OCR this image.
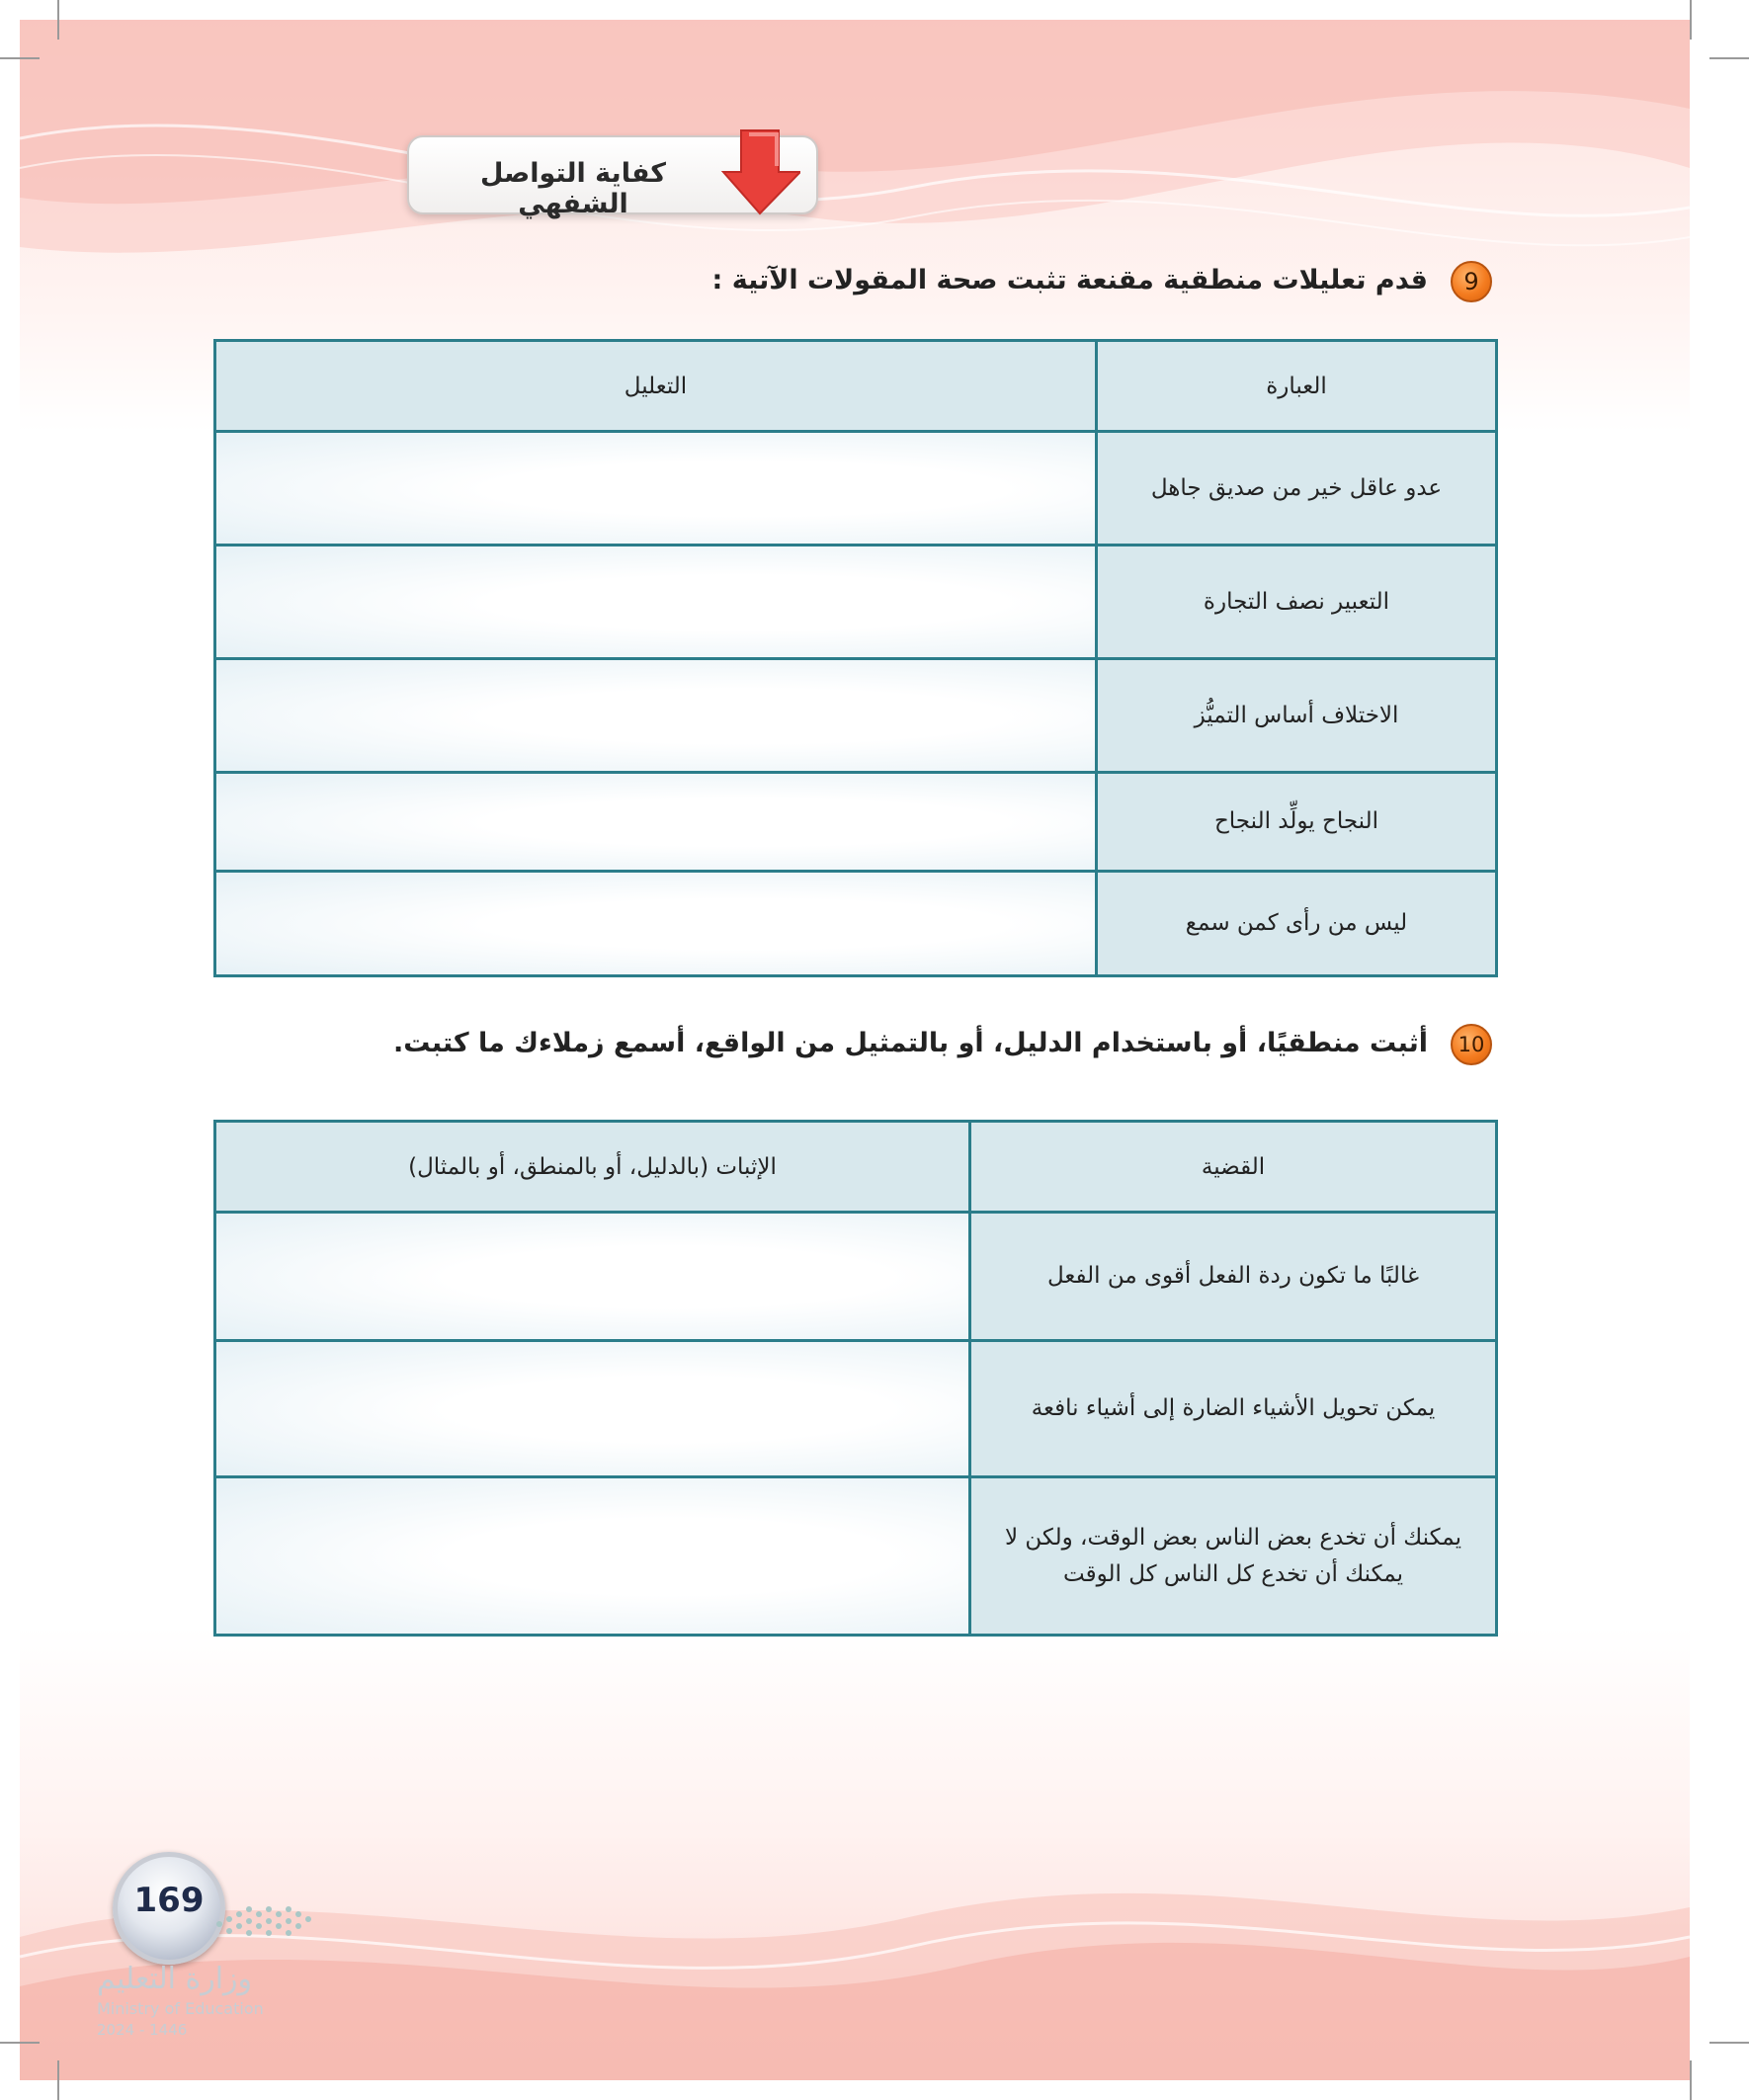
كفاية التواصل الشفهي
9
قدم تعليلات منطقية مقنعة تثبت صحة المقولات الآتية :
العبارة	التعليل
عدو عاقل خير من صديق جاهل	
التعبير نصف التجارة	
الاختلاف أساس التميُّز	
النجاح يولِّد النجاح	
ليس من رأى كمن سمع	
10
أثبت منطقيًا، أو باستخدام الدليل، أو بالتمثيل من الواقع، أسمع زملاءك ما كتبت.
القضية	الإثبات (بالدليل، أو بالمنطق، أو بالمثال)
غالبًا ما تكون ردة الفعل أقوى من الفعل	
يمكن تحويل الأشياء الضارة إلى أشياء نافعة	
يمكنك أن تخدع بعض الناس بعض الوقت، ولكن لا يمكنك أن تخدع كل الناس كل الوقت	
169
وزارة التعليم
Ministry of Education
2024 - 1446
